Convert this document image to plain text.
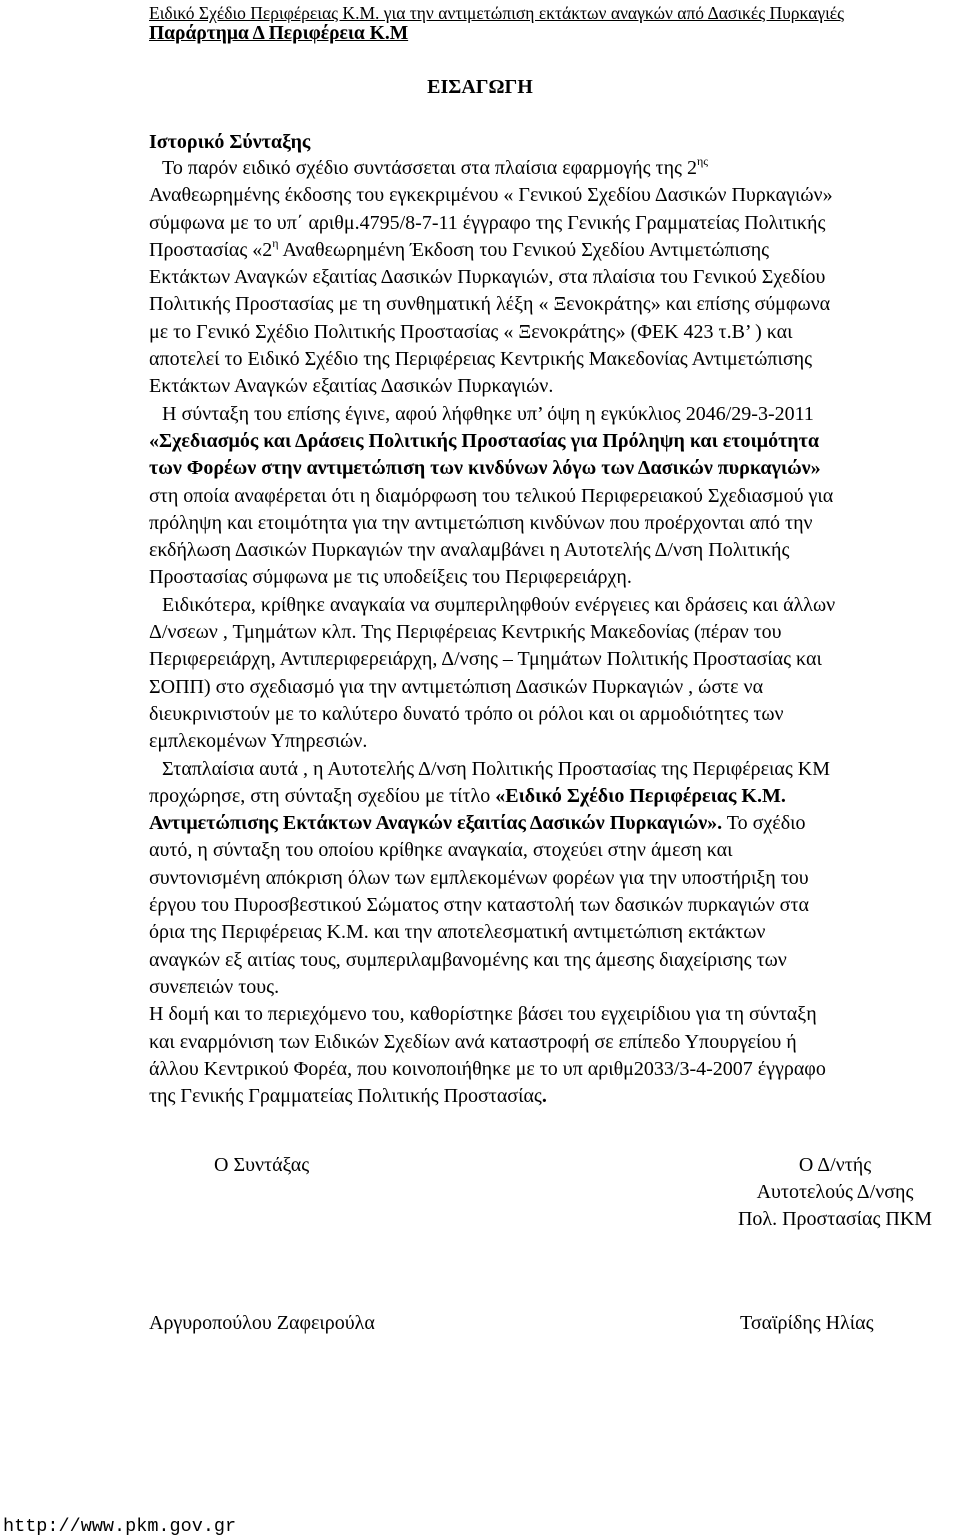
Ειδικό Σχέδιο Περιφέρειας Κ.Μ. για την αντιμετώπιση εκτάκτων αναγκών από Δασικές Πυρκαγιές
Παράρτημα Δ Περιφέρεια Κ.Μ
ΕΙΣΑΓΩΓΗ
Ιστορικό Σύνταξης
Το παρόν ειδικό σχέδιο συντάσσεται στα πλαίσια εφαρμογής της $2^{\eta\varsigma}$
Αναθεωρημένης έκδοσης του εγκεκριμένου « Γενικού Σχεδίου Δασικών Πυρκαγιών»
σύμφωνα με το υπ΄ αριθμ.4795/8-7-11 έγγραφο της Γενικής Γραμματείας Πολιτικής
Προστασίας «$2^\eta$ Αναθεωρημένη Έκδοση του Γενικού Σχεδίου Αντιμετώπισης
Εκτάκτων Αναγκών εξαιτίας Δασικών Πυρκαγιών, στα πλαίσια του Γενικού Σχεδίου
Πολιτικής Προστασίας με τη συνθηματική λέξη « Ξενοκράτης» και επίσης σύμφωνα
με το Γενικό Σχέδιο Πολιτικής Προστασίας « Ξενοκράτης» (ΦΕΚ 423 τ.Β’ ) και
αποτελεί το Ειδικό Σχέδιο της Περιφέρειας Κεντρικής Μακεδονίας Αντιμετώπισης
Εκτάκτων Αναγκών εξαιτίας Δασικών Πυρκαγιών.
Η σύνταξη του επίσης έγινε, αφού λήφθηκε υπ’ όψη η εγκύκλιος 2046/29-3-2011
«Σχεδιασμός και Δράσεις Πολιτικής Προστασίας για Πρόληψη και ετοιμότητα
των Φορέων στην αντιμετώπιση των κινδύνων λόγω των Δασικών πυρκαγιών»
στη οποία αναφέρεται ότι η διαμόρφωση του τελικού Περιφερειακού Σχεδιασμού για
πρόληψη και ετοιμότητα για την αντιμετώπιση κινδύνων που προέρχονται από την
εκδήλωση Δασικών Πυρκαγιών την αναλαμβάνει η Αυτοτελής Δ/νση Πολιτικής
Προστασίας σύμφωνα με τις υποδείξεις του Περιφερειάρχη.
Ειδικότερα, κρίθηκε αναγκαία να συμπεριληφθούν ενέργειες και δράσεις και άλλων
Δ/νσεων , Τμημάτων κλπ. Της Περιφέρειας Κεντρικής Μακεδονίας (πέραν του
Περιφερειάρχη, Αντιπεριφερειάρχη, Δ/νσης – Τμημάτων Πολιτικής Προστασίας και
ΣΟΠΠ) στο σχεδιασμό για την αντιμετώπιση Δασικών Πυρκαγιών , ώστε να
διευκρινιστούν με το καλύτερο δυνατό τρόπο οι ρόλοι και οι αρμοδιότητες των
εμπλεκομένων Υπηρεσιών.
Σταπλαίσια αυτά , η Αυτοτελής Δ/νση Πολιτικής Προστασίας της Περιφέρειας ΚΜ
προχώρησε, στη σύνταξη σχεδίου με τίτλο «Ειδικό Σχέδιο Περιφέρειας Κ.Μ.
Αντιμετώπισης Εκτάκτων Αναγκών εξαιτίας Δασικών Πυρκαγιών». Το σχέδιο
αυτό, η σύνταξη του οποίου κρίθηκε αναγκαία, στοχεύει στην άμεση και
συντονισμένη απόκριση όλων των εμπλεκομένων φορέων για την υποστήριξη του
έργου του Πυροσβεστικού Σώματος στην καταστολή των δασικών πυρκαγιών στα
όρια της Περιφέρειας Κ.Μ. και την αποτελεσματική αντιμετώπιση εκτάκτων
αναγκών εξ αιτίας τους, συμπεριλαμβανομένης και της άμεσης διαχείρισης των
συνεπειών τους.
Η δομή και το περιεχόμενο του, καθορίστηκε βάσει του εγχειρίδιου για τη σύνταξη
και εναρμόνιση των Ειδικών Σχεδίων ανά καταστροφή σε επίπεδο Υπουργείου ή
άλλου Κεντρικού Φορέα, που κοινοποιήθηκε με το υπ αριθμ2033/3-4-2007 έγγραφο
της Γενικής Γραμματείας Πολιτικής Προστασίας.
Ο Συντάξας	Ο Δ/ντής
Αυτοτελούς Δ/νσης
Πολ. Προστασίας ΠΚΜ
Αργυροπούλου Ζαφειρούλα	Τσαϊρίδης Ηλίας
http://www.pkm.gov.gr
